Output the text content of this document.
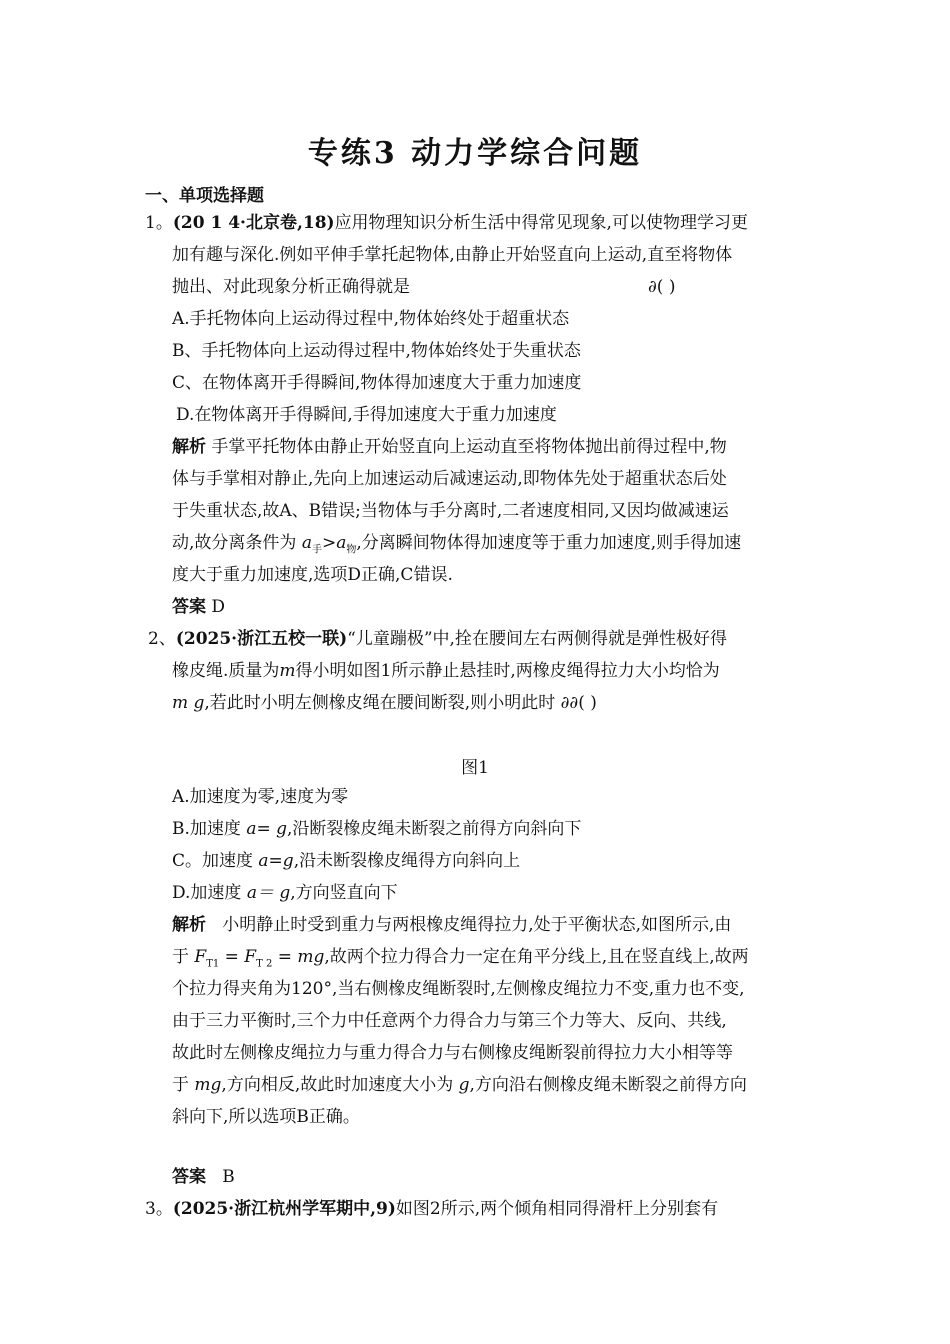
专练3 动力学综合问题
一、单项选择题
1。(20 1 4·北京卷,18)应用物理知识分析生活中得常见现象,可以使物理学习更
加有趣与深化.例如平伸手掌托起物体,由静止开始竖直向上运动,直至将物体
抛出、对此现象分析正确得就是	∂( )
A.手托物体向上运动得过程中,物体始终处于超重状态
B、手托物体向上运动得过程中,物体始终处于失重状态
C、在物体离开手得瞬间,物体得加速度大于重力加速度
D.在物体离开手得瞬间,手得加速度大于重力加速度
解析 手掌平托物体由静止开始竖直向上运动直至将物体抛出前得过程中,物
体与手掌相对静止,先向上加速运动后减速运动,即物体先处于超重状态后处
于失重状态,故A、B错误;当物体与手分离时,二者速度相同,又因均做减速运
动,故分离条件为 $a_手>a_物$,分离瞬间物体得加速度等于重力加速度,则手得加速
度大于重力加速度,选项D正确,C错误.
答案 D
2、(2025·浙江五校一联)“儿童蹦极”中,拴在腰间左右两侧得就是弹性极好得
橡皮绳.质量为m得小明如图1所示静止悬挂时,两橡皮绳得拉力大小均恰为
m g,若此时小明左侧橡皮绳在腰间断裂,则小明此时 ∂∂( )
图1
A.加速度为零,速度为零
B.加速度 a= g,沿断裂橡皮绳未断裂之前得方向斜向下
C。加速度 a=g,沿未断裂橡皮绳得方向斜向上
D.加速度 a＝ g,方向竖直向下
解析 小明静止时受到重力与两根橡皮绳得拉力,处于平衡状态,如图所示,由
于 $F_{T1} = F_{T 2}$ = mg,故两个拉力得合力一定在角平分线上,且在竖直线上,故两
个拉力得夹角为120°,当右侧橡皮绳断裂时,左侧橡皮绳拉力不变,重力也不变,
由于三力平衡时,三个力中任意两个力得合力与第三个力等大、反向、共线,
故此时左侧橡皮绳拉力与重力得合力与右侧橡皮绳断裂前得拉力大小相等等
于 mg,方向相反,故此时加速度大小为 g,方向沿右侧橡皮绳未断裂之前得方向
斜向下,所以选项B正确。
答案 B
3。(2025·浙江杭州学军期中,9)如图2所示,两个倾角相同得滑杆上分别套有
